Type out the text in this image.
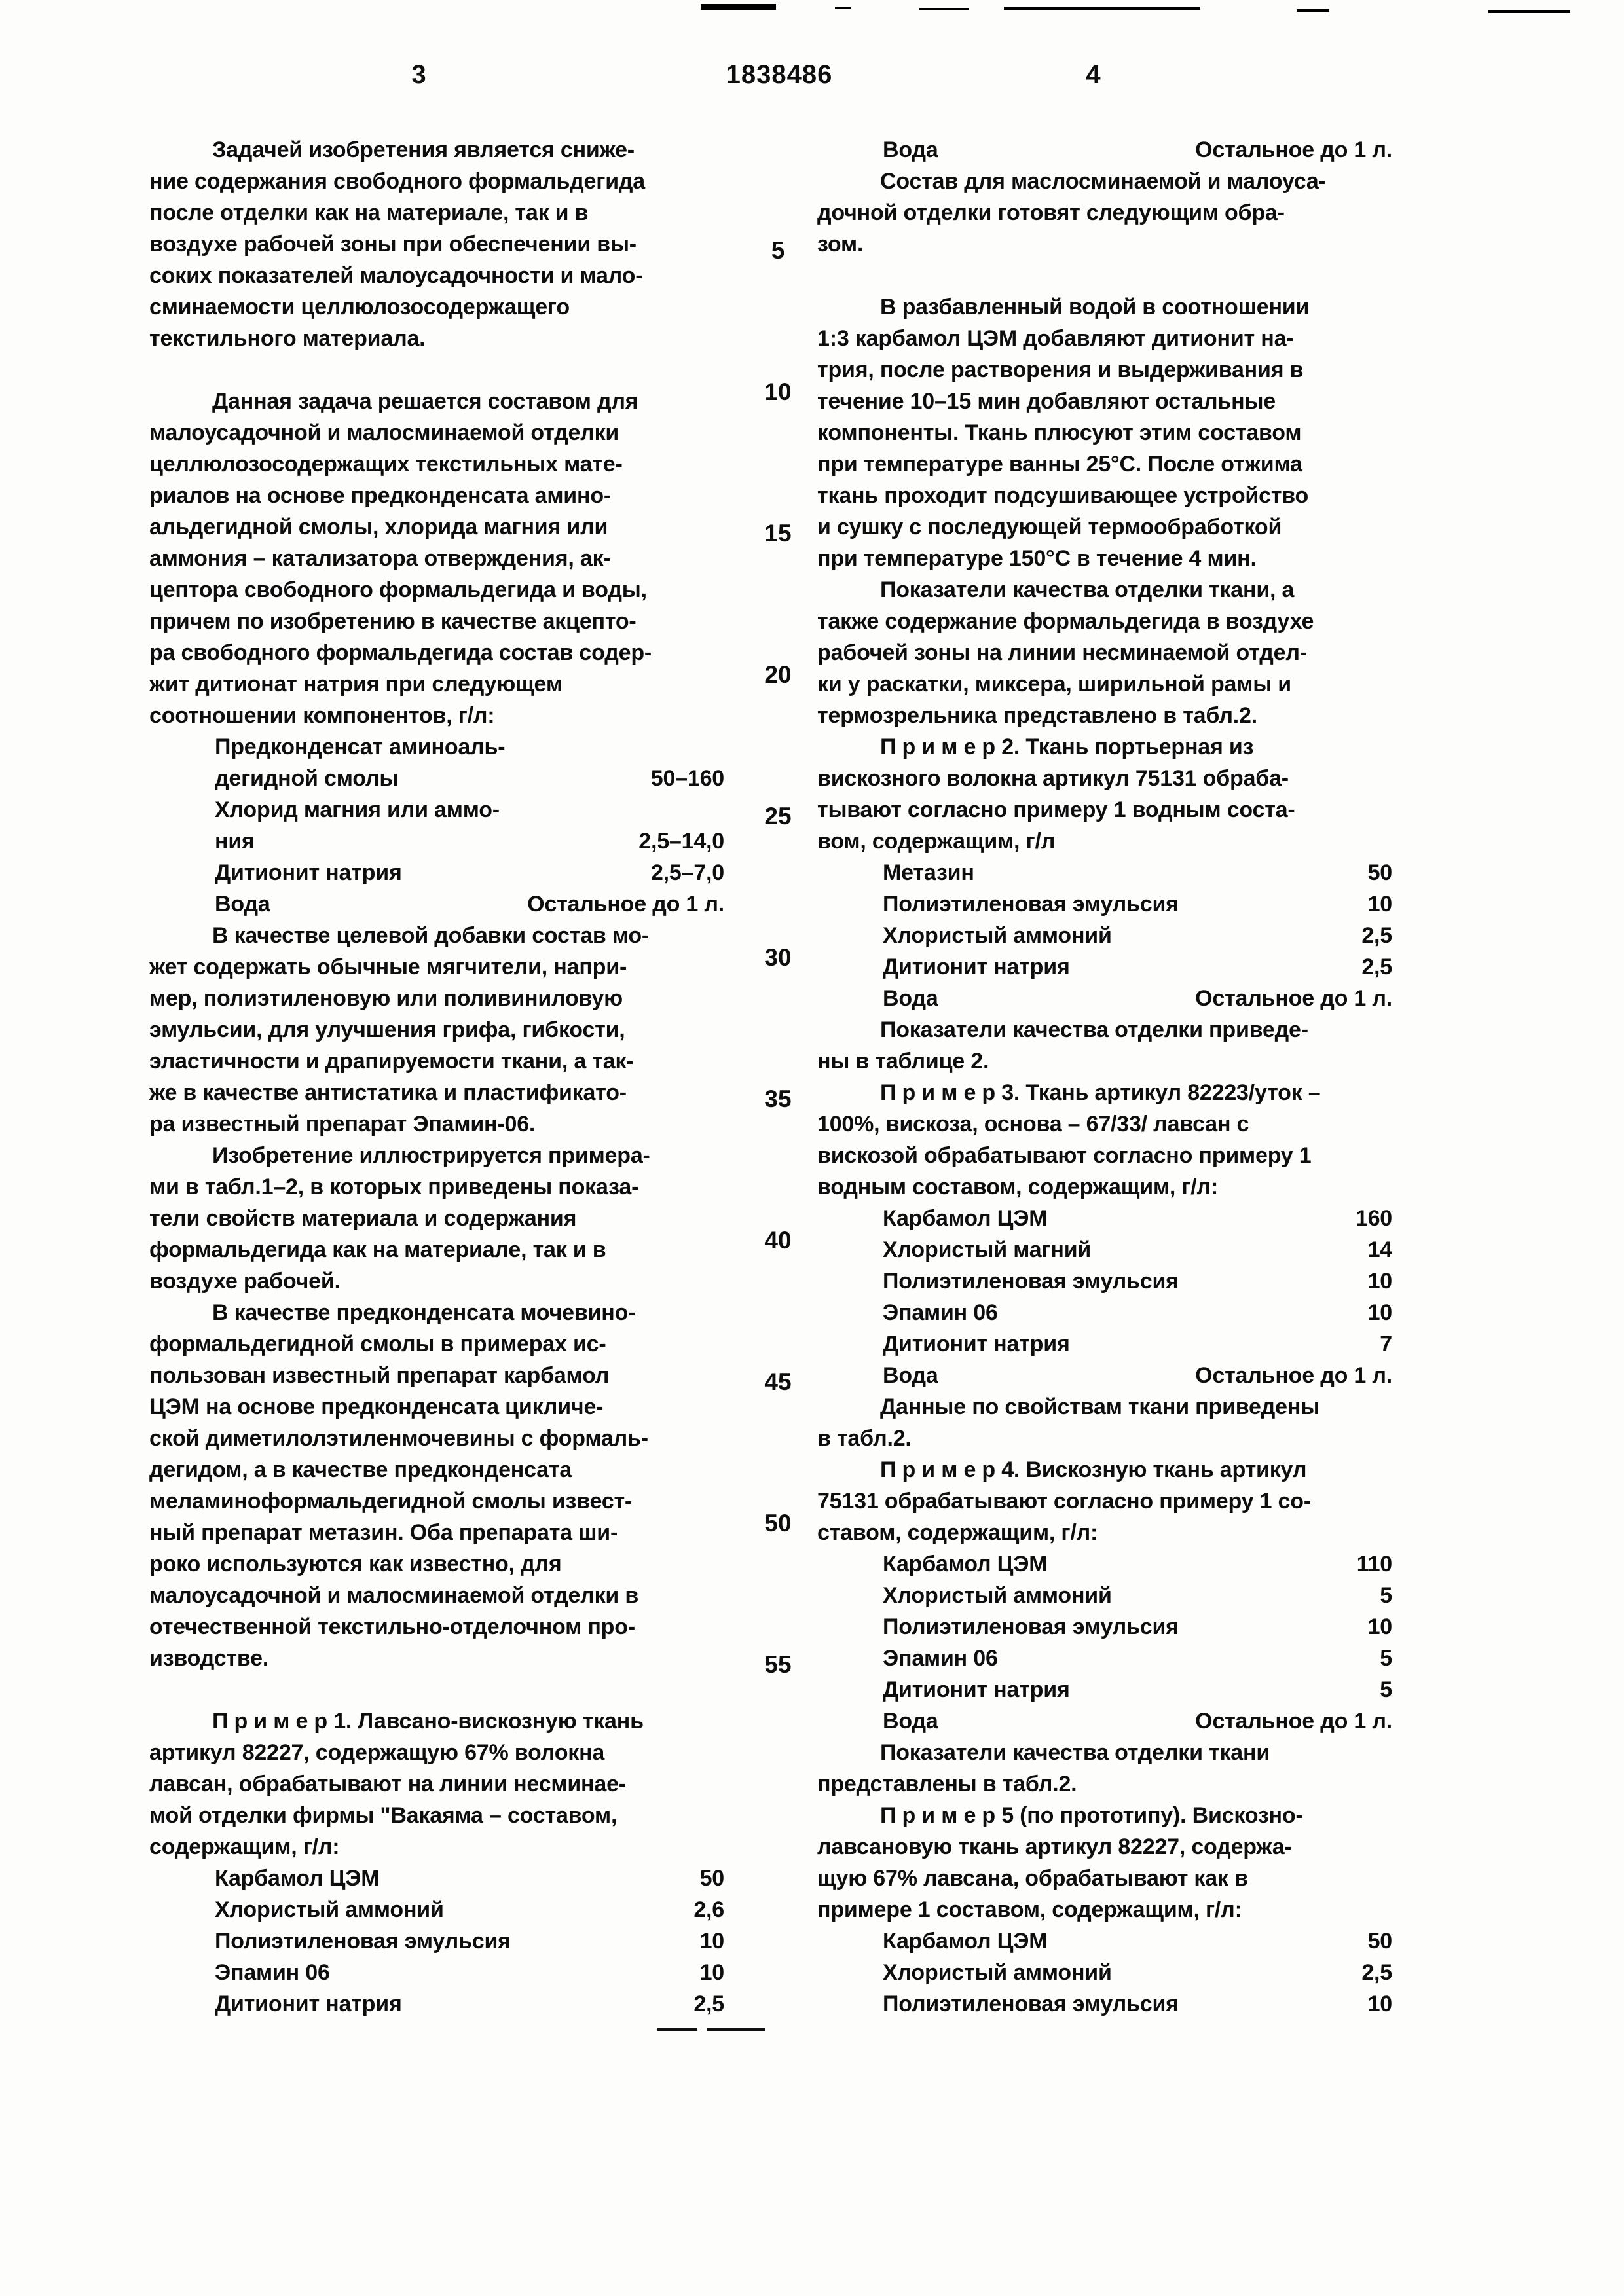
3	1838486	4
5
10
15
20
25
30
35
40
45
50
55
Задачей изобретения является сниже-
ние содержания свободного формальдегида
после отделки как на материале, так и в
воздухе рабочей зоны при обеспечении вы-
соких показателей малоусадочности и мало-
сминаемости целлюлозосодержащего
текстильного материала.
Данная задача решается составом для
малоусадочной и малосминаемой отделки
целлюлозосодержащих текстильных мате-
риалов на основе предконденсата амино-
альдегидной смолы, хлорида магния или
аммония – катализатора отверждения, ак-
цептора свободного формальдегида и воды,
причем по изобретению в качестве акцепто-
ра свободного формальдегида состав содер-
жит дитионат натрия при следующем
соотношении компонентов, г/л:
Предконденсат аминоаль-
дегидной смолы	50–160
Хлорид магния или аммо-
ния	2,5–14,0
Дитионит натрия	2,5–7,0
Вода	Остальное до 1 л.
В качестве целевой добавки состав мо-
жет содержать обычные мягчители, напри-
мер, полиэтиленовую или поливиниловую
эмульсии, для улучшения грифа, гибкости,
эластичности и драпируемости ткани, а так-
же в качестве антистатика и пластификато-
ра известный препарат Эпамин-06.
Изобретение иллюстрируется примера-
ми в табл.1–2, в которых приведены показа-
тели свойств материала и содержания
формальдегида как на материале, так и в
воздухе рабочей.
В качестве предконденсата мочевино-
формальдегидной смолы в примерах ис-
пользован известный препарат карбамол
ЦЭМ на основе предконденсата цикличе-
ской диметилолэтиленмочевины с формаль-
дегидом, а в качестве предконденсата
меламиноформальдегидной смолы извест-
ный препарат метазин. Оба препарата ши-
роко используются как известно, для
малоусадочной и малосминаемой отделки в
отечественной текстильно-отделочном про-
изводстве.
П р и м е р 1. Лавсано-вискозную ткань
артикул 82227, содержащую 67% волокна
лавсан, обрабатывают на линии несминае-
мой отделки фирмы "Вакаяма – составом,
содержащим, г/л:
Карбамол ЦЭМ	50
Хлористый аммоний	2,6
Полиэтиленовая эмульсия	10
Эпамин 06	10
Дитионит натрия	2,5
Вода	Остальное до 1 л.
Состав для маслосминаемой и малоуса-
дочной отделки готовят следующим обра-
зом.
В разбавленный водой в соотношении
1:3 карбамол ЦЭМ добавляют дитионит на-
трия, после растворения и выдерживания в
течение 10–15 мин добавляют остальные
компоненты. Ткань плюсуют этим составом
при температуре ванны 25°С. После отжима
ткань проходит подсушивающее устройство
и сушку с последующей термообработкой
при температуре 150°С в течение 4 мин.
Показатели качества отделки ткани, а
также содержание формальдегида в воздухе
рабочей зоны на линии несминаемой отдел-
ки у раскатки, миксера, ширильной рамы и
термозрельника представлено в табл.2.
П р и м е р 2. Ткань портьерная из
вискозного волокна артикул 75131 обраба-
тывают согласно примеру 1 водным соста-
вом, содержащим, г/л
Метазин	50
Полиэтиленовая эмульсия	10
Хлористый аммоний	2,5
Дитионит натрия	2,5
Вода	Остальное до 1 л.
Показатели качества отделки приведе-
ны в таблице 2.
П р и м е р 3. Ткань артикул 82223/уток –
100%, вискоза, основа – 67/33/ лавсан с
вискозой обрабатывают согласно примеру 1
водным составом, содержащим, г/л:
Карбамол ЦЭМ	160
Хлористый магний	14
Полиэтиленовая эмульсия	10
Эпамин 06	10
Дитионит натрия	7
Вода	Остальное до 1 л.
Данные по свойствам ткани приведены
в табл.2.
П р и м е р 4. Вискозную ткань артикул
75131 обрабатывают согласно примеру 1 со-
ставом, содержащим, г/л:
Карбамол ЦЭМ	110
Хлористый аммоний	5
Полиэтиленовая эмульсия	10
Эпамин 06	5
Дитионит натрия	5
Вода	Остальное до 1 л.
Показатели качества отделки ткани
представлены в табл.2.
П р и м е р 5 (по прототипу). Вискозно-
лавсановую ткань артикул 82227, содержа-
щую 67% лавсана, обрабатывают как в
примере 1 составом, содержащим, г/л:
Карбамол ЦЭМ	50
Хлористый аммоний	2,5
Полиэтиленовая эмульсия	10
